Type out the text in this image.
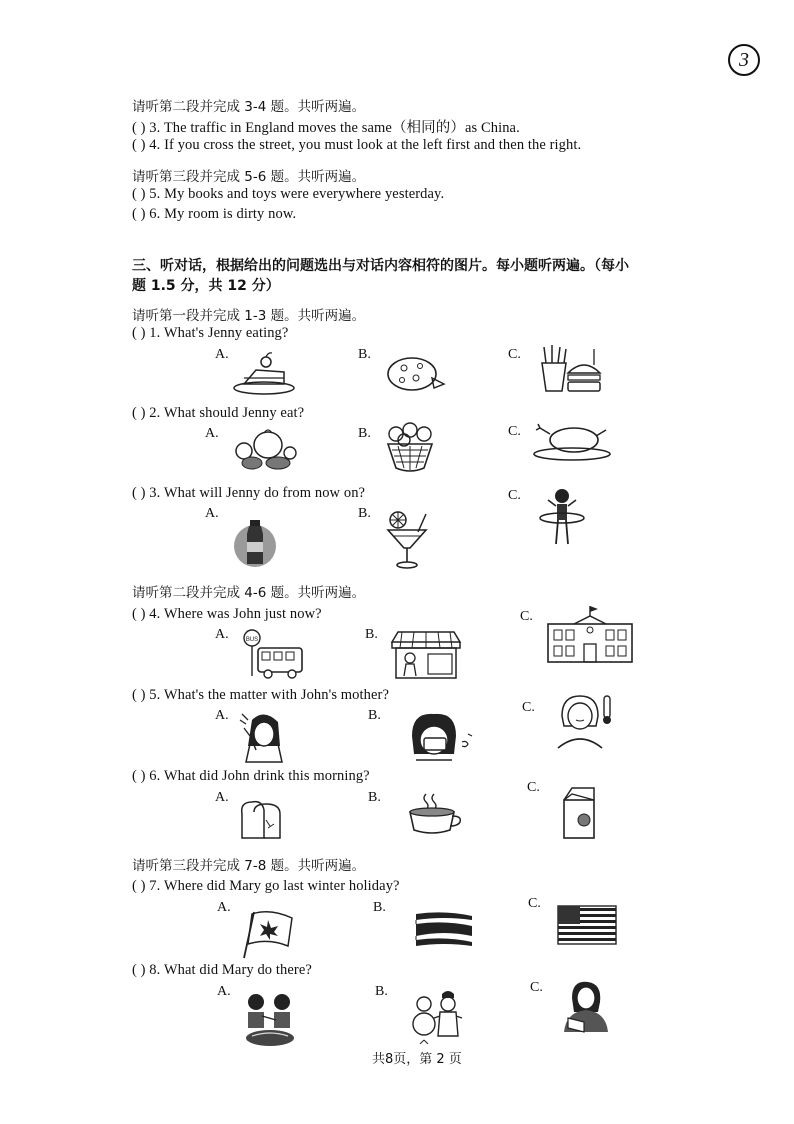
3
请听第二段并完成 3-4 题。共听两遍。
( ) 3. The traffic in England moves the same（相同的）as China.
( ) 4. If you cross the street, you must look at the left first and then the right.
请听第三段并完成 5-6 题。共听两遍。
( ) 5. My books and toys were everywhere yesterday.
( ) 6. My room is dirty now.
三、听对话，根据给出的问题选出与对话内容相符的图片。每小题听两遍。（每小
题 1.5 分，共 12 分）
请听第一段并完成 1-3 题。共听两遍。
( ) 1. What's Jenny eating?
A.	B.	C.
( ) 2. What should Jenny eat?
A.	B.	C.
( ) 3. What will Jenny do from now on?
A.	B.
C.
请听第二段并完成 4-6 题。共听两遍。
( ) 4. Where was John just now?
A.	B.
C.
BUS
( ) 5. What's the matter with John's mother?
A.	B.
C.
( ) 6. What did John drink this morning?
A.	B.
C.
请听第三段并完成 7-8 题。共听两遍。
( ) 7. Where did Mary go last winter holiday?
A.	B.	C.
( ) 8. What did Mary do there?
A.	B.	C.
共8页，第 2 页
